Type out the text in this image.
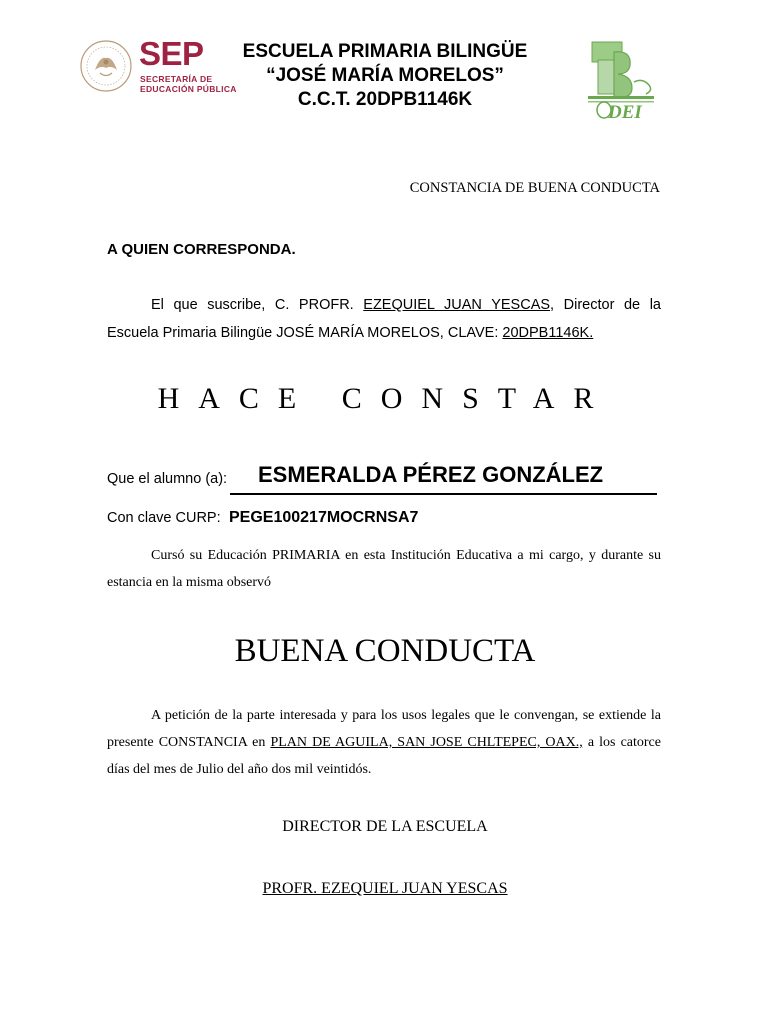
SEP
SECRETARÍA DE
EDUCACIÓN PÚBLICA
ESCUELA PRIMARIA BILINGÜE
“JOSÉ MARÍA MORELOS”
C.C.T. 20DPB1146K
DEI
CONSTANCIA DE BUENA CONDUCTA
A QUIEN CORRESPONDA.
El que suscribe, C. PROFR. EZEQUIEL JUAN YESCAS, Director de la Escuela Primaria Bilingüe JOSÉ MARÍA MORELOS, CLAVE: 20DPB1146K.
HACE CONSTAR
Que el alumno (a): ESMERALDA PÉREZ GONZÁLEZ
Con clave CURP: PEGE100217MOCRNSA7
Cursó su Educación PRIMARIA en esta Institución Educativa a mi cargo, y durante su estancia en la misma observó
BUENA CONDUCTA
A petición de la parte interesada y para los usos legales que le convengan, se extiende la presente CONSTANCIA en PLAN DE AGUILA, SAN JOSE CHLTEPEC, OAX., a los catorce días del mes de Julio del año dos mil veintidós.
DIRECTOR DE LA ESCUELA
PROFR. EZEQUIEL JUAN YESCAS
